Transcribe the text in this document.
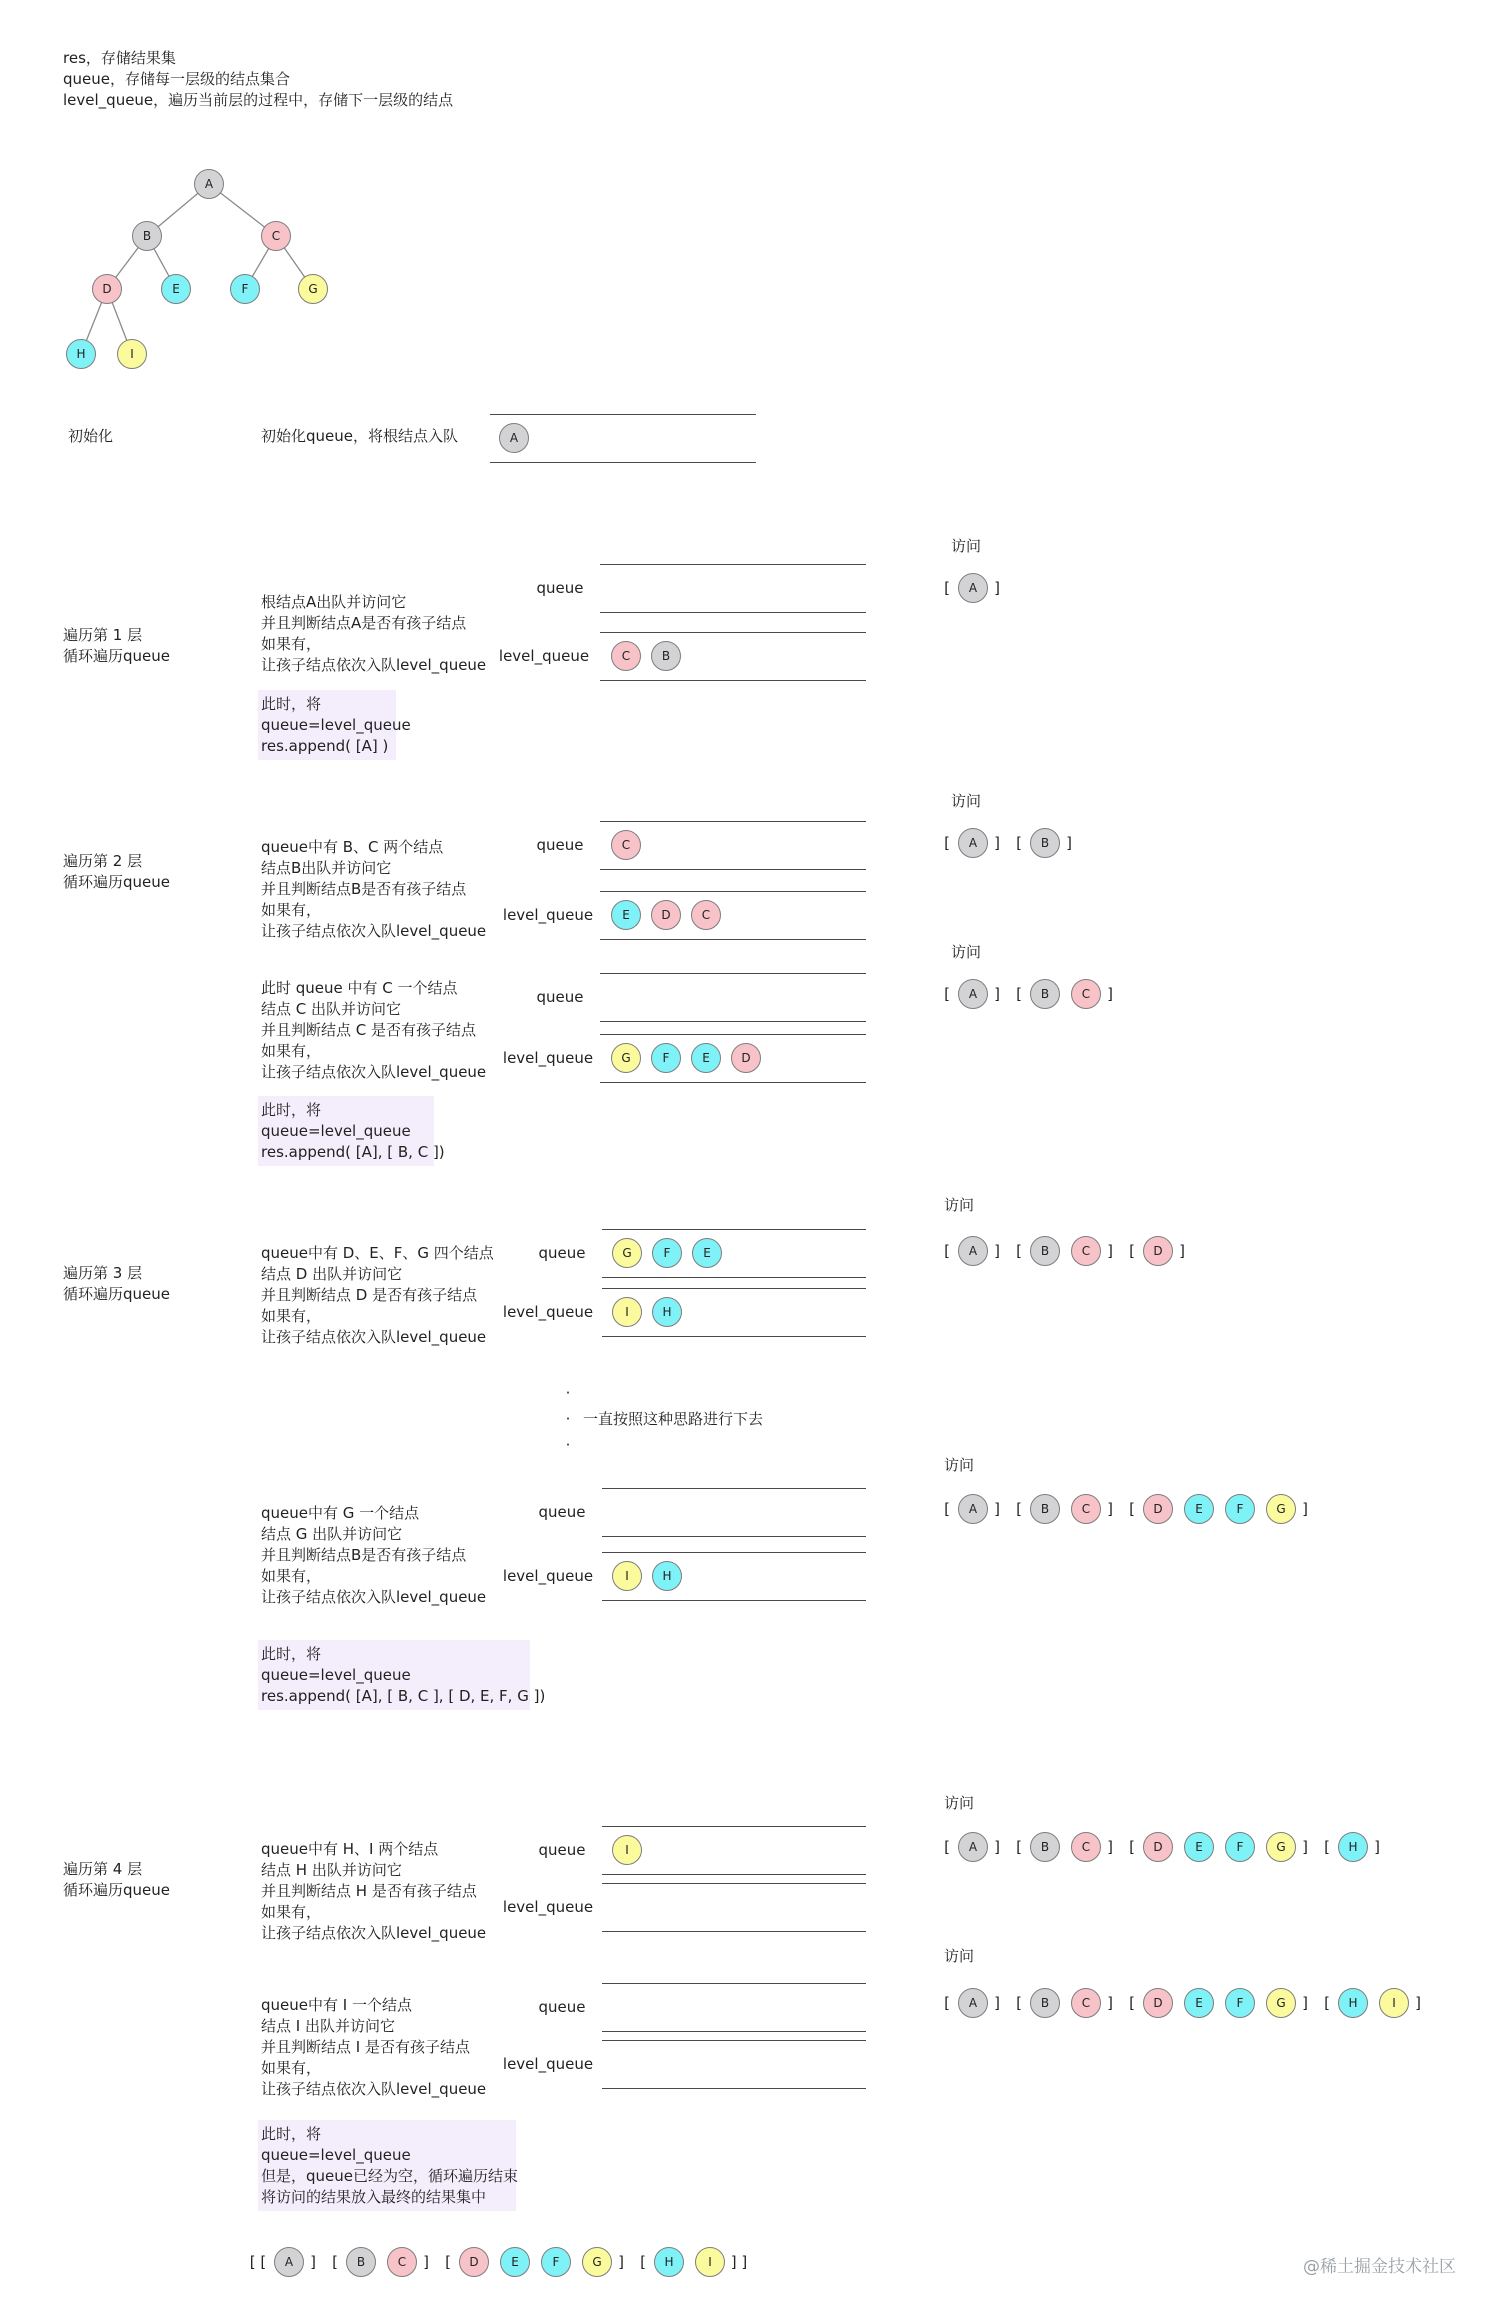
res，存储结果集
queue，存储每一层级的结点集合
level_queue，遍历当前层的过程中，存储下一层级的结点
初始化	初始化queue，将根结点入队
遍历第 1 层
循环遍历queue
根结点A出队并访问它
并且判断结点A是否有孩子结点
如果有，
让孩子结点依次入队level_queue
此时，将
queue=level_queue
res.append( [A] )
遍历第 2 层
循环遍历queue
queue中有 B、C 两个结点
结点B出队并访问它
并且判断结点B是否有孩子结点
如果有，
让孩子结点依次入队level_queue
此时 queue 中有 C 一个结点
结点 C 出队并访问它
并且判断结点 C 是否有孩子结点
如果有，
让孩子结点依次入队level_queue
此时，将
queue=level_queue
res.append( [A], [ B, C ])
遍历第 3 层
循环遍历queue
queue中有 D、E、F、G 四个结点
结点 D 出队并访问它
并且判断结点 D 是否有孩子结点
如果有，
让孩子结点依次入队level_queue
·
·
·
一直按照这种思路进行下去
queue中有 G 一个结点
结点 G 出队并访问它
并且判断结点B是否有孩子结点
如果有，
让孩子结点依次入队level_queue
此时，将
queue=level_queue
res.append( [A], [ B, C ], [ D, E, F, G ])
遍历第 4 层
循环遍历queue
queue中有 H、I 两个结点
结点 H 出队并访问它
并且判断结点 H 是否有孩子结点
如果有，
让孩子结点依次入队level_queue
queue中有 I 一个结点
结点 I 出队并访问它
并且判断结点 I 是否有孩子结点
如果有，
让孩子结点依次入队level_queue
此时，将
queue=level_queue
但是，queue已经为空，循环遍历结束
将访问的结果放入最终的结果集中
A
queue
level_queue	C	B
queue	C
level_queue	E	D	C
queue
level_queue	G	F	E	D
queue	G	F	E
level_queue	I	H
queue
level_queue	I	H
queue	I
level_queue
queue
level_queue
访问
[	A	]
访问
[	A	] [	B	]
访问
[	A	] [	B	C	]
访问
[	A	] [	B	C	] [	D	]
访问
[	A	] [	B	C	] [	D	E	F	G	]
访问
[	A	] [	B	C	] [	D	E	F	G	] [	H	]
访问
[	A	] [	B	C	] [	D	E	F	G	] [	H	I	]
[ [	A	] [	B	C	] [	D	E	F	G	] [	H	I	] ]	@稀土掘金技术社区
A
B	C
D	E	F	G
H	I
